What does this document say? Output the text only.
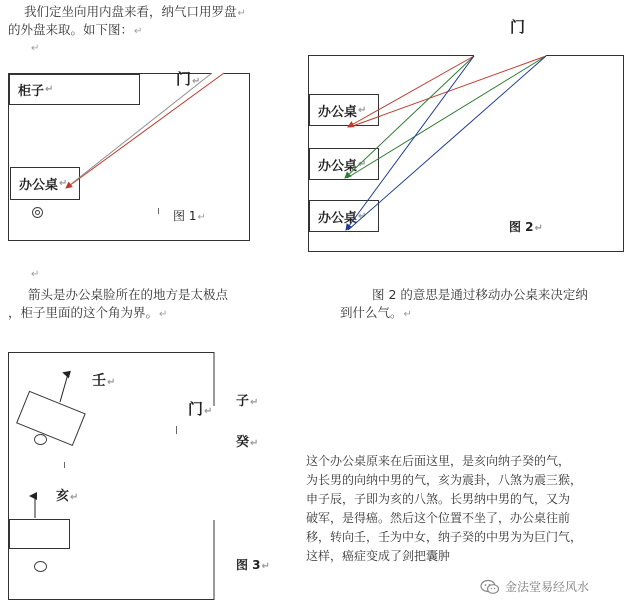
我们定坐向用内盘来看，纳气口用罗盘↵
的外盘来取。如下图：↵
↵
柜子 ↵
门↵
办公桌 ↵
图 1↵
门
办公桌 ↵
办公桌 ↵
办公桌 ↵
图 2↵
↵
箭头是办公桌脸所在的地方是太极点
，柜子里面的这个角为界。↵
图 2 的意思是通过移动办公桌来决定纳
到什么气。↵
壬↵
亥↵
门↵
子↵
癸↵
图 3↵
这个办公桌原来在后面这里，是亥向纳子癸的气，
为长男的向纳中男的气，亥为震卦，八煞为震三猴，
申子辰，子即为亥的八煞。长男纳中男的气，又为
破军，是得癌。然后这个位置不坐了，办公桌往前
移，转向壬，壬为中女，纳子癸的中男为为巨门气，
这样，癌症变成了剑把囊肿
金法堂易经风水
